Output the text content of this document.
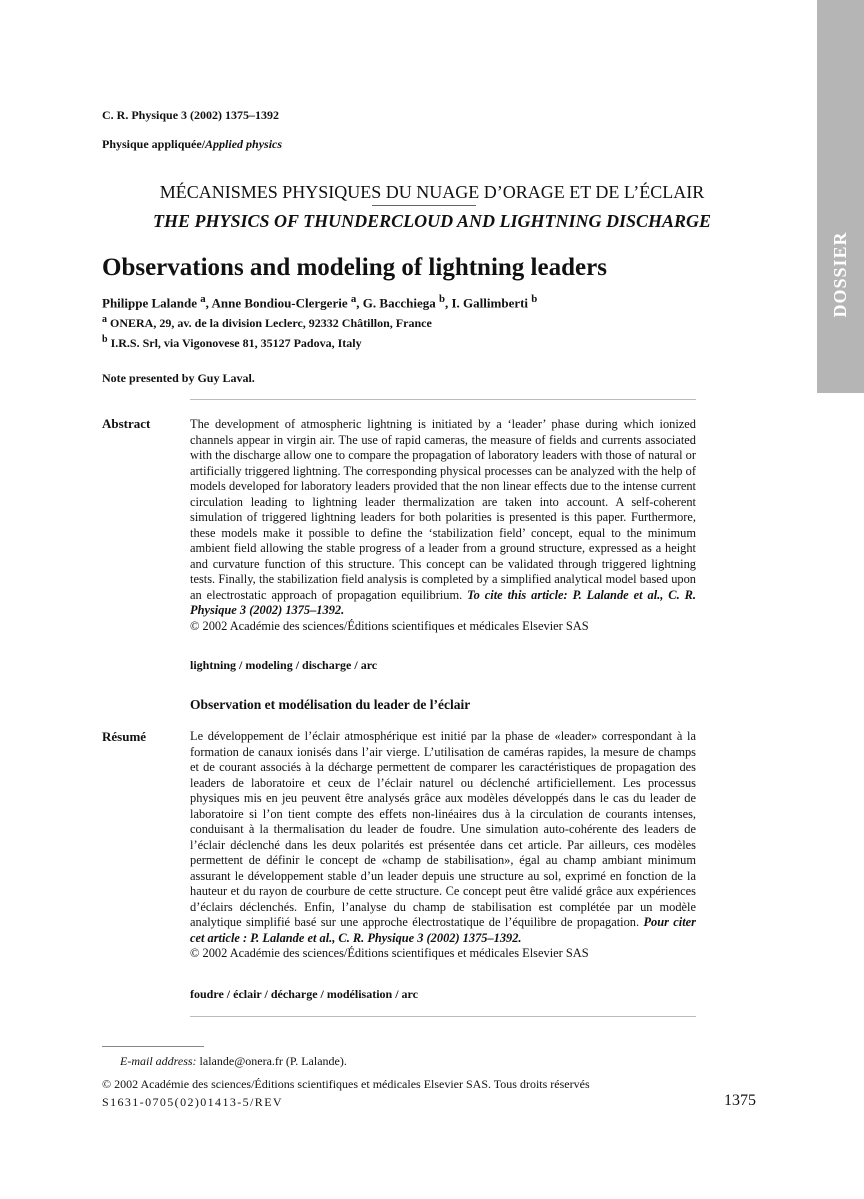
DOSSIER
C. R. Physique 3 (2002) 1375–1392
Physique appliquée/Applied physics
MÉCANISMES PHYSIQUES DU NUAGE D’ORAGE ET DE L’ÉCLAIR
THE PHYSICS OF THUNDERCLOUD AND LIGHTNING DISCHARGE
Observations and modeling of lightning leaders
Philippe Lalande $^a$, Anne Bondiou-Clergerie $^a$, G. Bacchiega $^b$, I. Gallimberti $^b$
$^a$ ONERA, 29, av. de la division Leclerc, 92332 Châtillon, France
$^b$ I.R.S. Srl, via Vigonovese 81, 35127 Padova, Italy
Note presented by Guy Laval.
Abstract	The development of atmospheric lightning is initiated by a ‘leader’ phase during which ionized channels appear in virgin air. The use of rapid cameras, the measure of fields and currents associated with the discharge allow one to compare the propagation of laboratory leaders with those of natural or artificially triggered lightning. The corresponding physical processes can be analyzed with the help of models developed for laboratory leaders provided that the non linear effects due to the intense current circulation leading to lightning leader thermalization are taken into account. A self-coherent simulation of triggered lightning leaders for both polarities is presented is this paper. Furthermore, these models make it possible to define the ‘stabilization field’ concept, equal to the minimum ambient field allowing the stable progress of a leader from a ground structure, expressed as a height and curvature function of this structure. This concept can be validated through triggered lightning tests. Finally, the stabilization field analysis is completed by a simplified analytical model based upon an electrostatic approach of propagation equilibrium. To cite this article: P. Lalande et al., C. R. Physique 3 (2002) 1375–1392.
© 2002 Académie des sciences/Éditions scientifiques et médicales Elsevier SAS
lightning / modeling / discharge / arc
Observation et modélisation du leader de l’éclair
Résumé	Le développement de l’éclair atmosphérique est initié par la phase de «leader» correspondant à la formation de canaux ionisés dans l’air vierge. L’utilisation de caméras rapides, la mesure de champs et de courant associés à la décharge permettent de comparer les caractéristiques de propagation des leaders de laboratoire et ceux de l’éclair naturel ou déclenché artificiellement. Les processus physiques mis en jeu peuvent être analysés grâce aux modèles développés dans le cas du leader de laboratoire si l’on tient compte des effets non-linéaires dus à la circulation de courants intenses, conduisant à la thermalisation du leader de foudre. Une simulation auto-cohérente des leaders de l’éclair déclenché dans les deux polarités est présentée dans cet article. Par ailleurs, ces modèles permettent de définir le concept de «champ de stabilisation», égal au champ ambiant minimum assurant le développement stable d’un leader depuis une structure au sol, exprimé en fonction de la hauteur et du rayon de courbure de cette structure. Ce concept peut être validé grâce aux expériences d’éclairs déclenchés. Enfin, l’analyse du champ de stabilisation est complétée par un modèle analytique simplifié basé sur une approche électrostatique de l’équilibre de propagation. Pour citer cet article : P. Lalande et al., C. R. Physique 3 (2002) 1375–1392.
© 2002 Académie des sciences/Éditions scientifiques et médicales Elsevier SAS
foudre / éclair / décharge / modélisation / arc
E-mail address: lalande@onera.fr (P. Lalande).
© 2002 Académie des sciences/Éditions scientifiques et médicales Elsevier SAS. Tous droits réservés
S1631-0705(02)01413-5/REV	1375
